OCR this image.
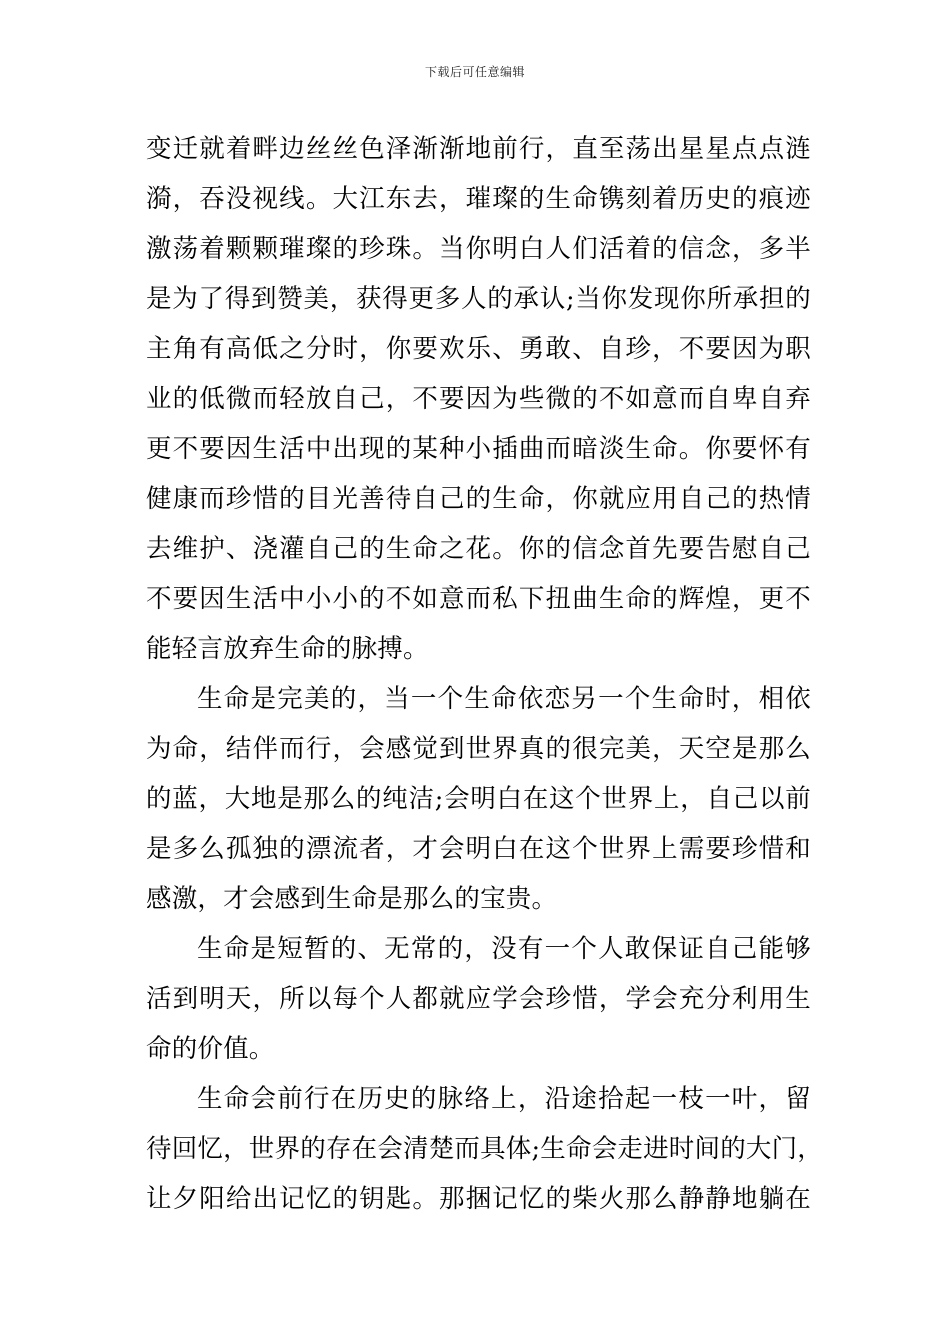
下载后可任意编辑
变迁就着畔边丝丝色泽渐渐地前行，直至荡出星星点点涟
漪，吞没视线。大江东去，璀璨的生命镌刻着历史的痕迹
激荡着颗颗璀璨的珍珠。当你明白人们活着的信念，多半
是为了得到赞美，获得更多人的承认;当你发现你所承担的
主角有高低之分时，你要欢乐、勇敢、自珍，不要因为职
业的低微而轻放自己，不要因为些微的不如意而自卑自弃
更不要因生活中出现的某种小插曲而暗淡生命。你要怀有
健康而珍惜的目光善待自己的生命，你就应用自己的热情
去维护、浇灌自己的生命之花。你的信念首先要告慰自己
不要因生活中小小的不如意而私下扭曲生命的辉煌，更不
能轻言放弃生命的脉搏。
生命是完美的，当一个生命依恋另一个生命时，相依
为命，结伴而行，会感觉到世界真的很完美，天空是那么
的蓝，大地是那么的纯洁;会明白在这个世界上，自己以前
是多么孤独的漂流者，才会明白在这个世界上需要珍惜和
感激，才会感到生命是那么的宝贵。
生命是短暂的、无常的，没有一个人敢保证自己能够
活到明天，所以每个人都就应学会珍惜，学会充分利用生
命的价值。
生命会前行在历史的脉络上，沿途拾起一枝一叶，留
待回忆，世界的存在会清楚而具体;生命会走进时间的大门，
让夕阳给出记忆的钥匙。那捆记忆的柴火那么静静地躺在
